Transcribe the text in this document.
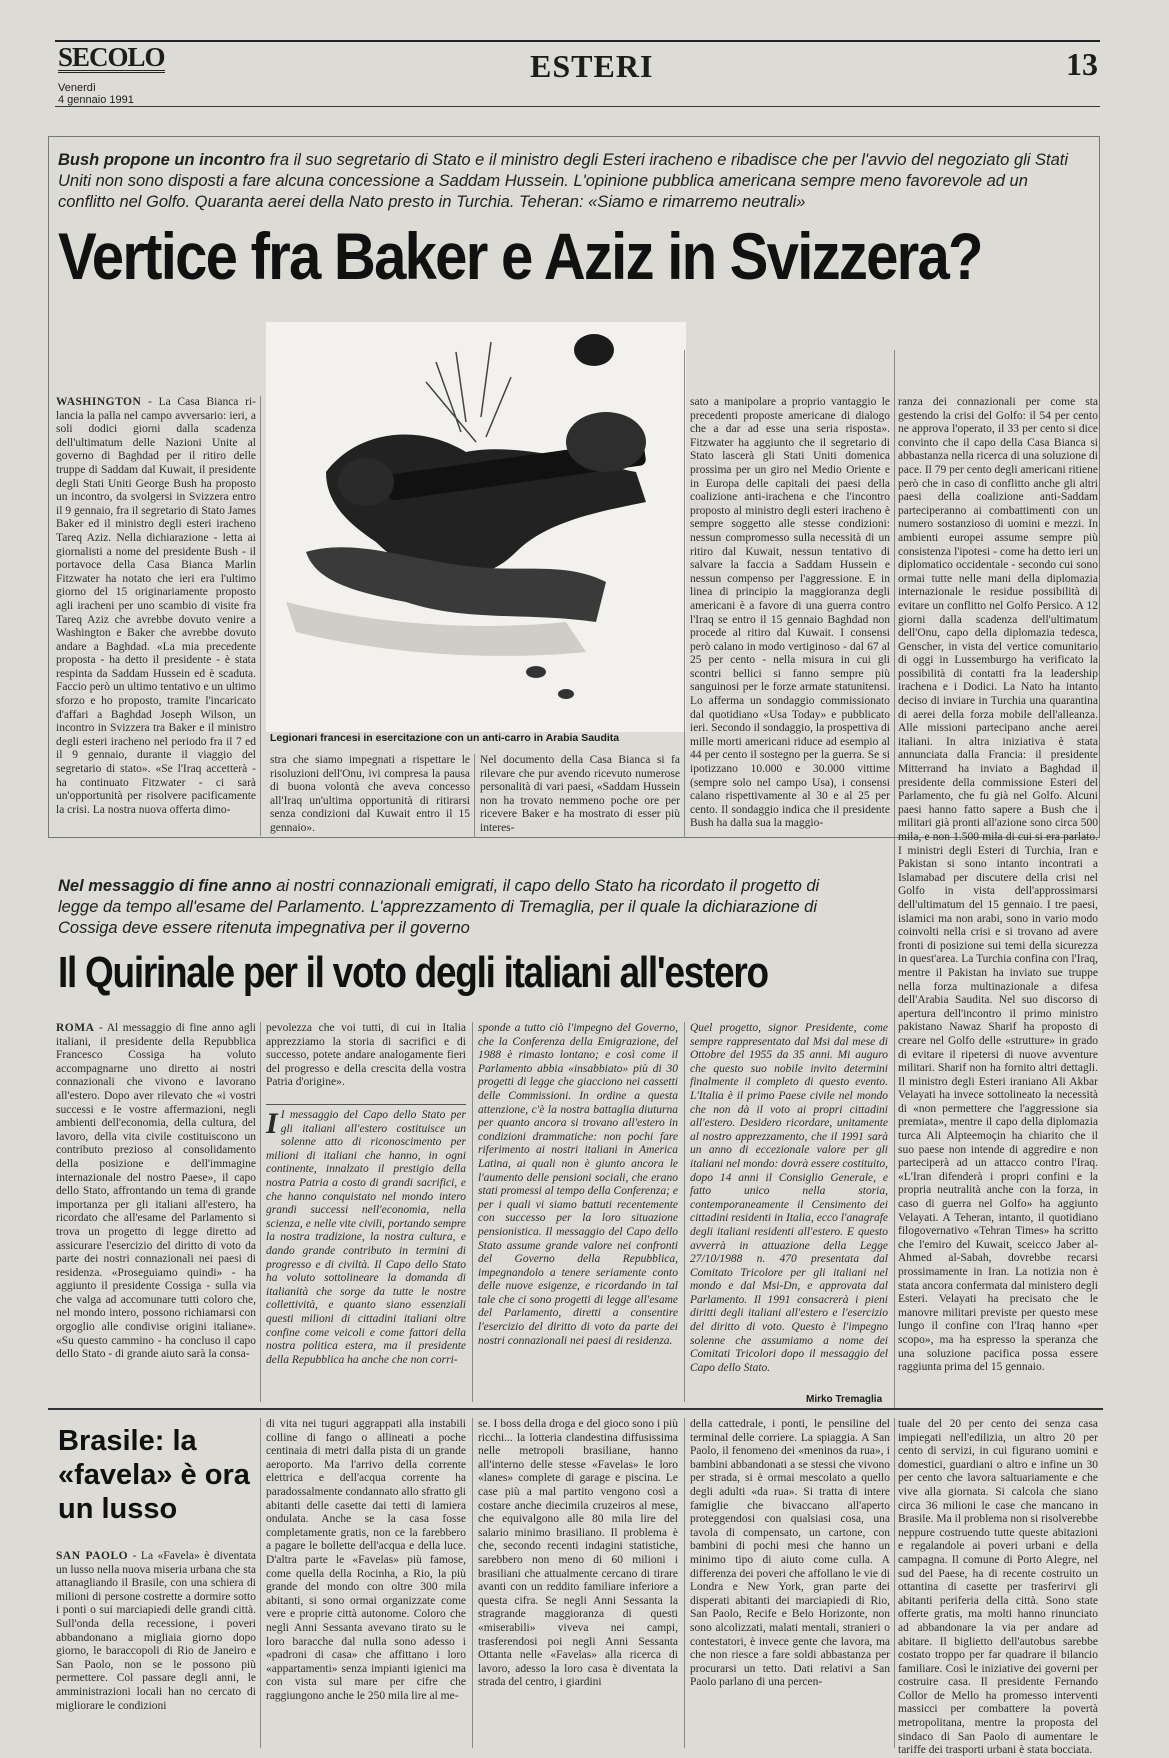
SECOLO
Venerdì
4 gennaio 1991
ESTERI	13
Bush propone un incontro fra il suo segretario di Stato e il ministro degli Esteri iracheno e ribadisce che per l'avvio del negoziato gli Stati Uniti non sono disposti a fare alcuna concessione a Saddam Hussein. L'opinione pubblica americana sempre meno favorevole ad un conflitto nel Golfo. Quaranta aerei della Nato presto in Turchia. Teheran: «Siamo e rimarremo neutrali»
Vertice fra Baker e Aziz in Svizzera?
WASHINGTON - La Casa Bianca ri-lancia la palla nel campo avversario: ieri, a soli dodici giorni dalla scadenza dell'ultimatum delle Nazioni Unite al governo di Baghdad per il ritiro delle truppe di Saddam dal Kuwait, il presidente degli Stati Uniti George Bush ha proposto un incontro, da svolgersi in Svizzera entro il 9 gennaio, fra il segretario di Stato James Baker ed il ministro degli esteri iracheno Tareq Aziz. Nella dichiarazione - letta ai giornalisti a nome del presidente Bush - il portavoce della Casa Bianca Marlin Fitzwater ha notato che ieri era l'ultimo giorno del 15 originariamente proposto agli iracheni per uno scambio di visite fra Tareq Aziz che avrebbe dovuto venire a Washington e Baker che avrebbe dovuto andare a Baghdad. «La mia precedente proposta - ha detto il presidente - è stata respinta da Saddam Hussein ed è scaduta. Faccio però un ultimo tentativo e un ultimo sforzo e ho proposto, tramite l'incaricato d'affari a Baghdad Joseph Wilson, un incontro in Svizzera tra Baker e il ministro degli esteri iracheno nel periodo fra il 7 ed il 9 gennaio, durante il viaggio del segretario di stato». «Se l'Iraq accetterà - ha continuato Fitzwater - ci sarà un'opportunità per risolvere pacificamente la crisi. La nostra nuova offerta dimo-
Legionari francesi in esercitazione con un anti-carro in Arabia Saudita
stra che siamo impegnati a rispettare le risoluzioni dell'Onu, ivi compresa la pausa di buona volontà che aveva concesso all'Iraq un'ultima opportunità di ritirarsi senza condizioni dal Kuwait entro il 15 gennaio».
Nel documento della Casa Bianca si fa rilevare che pur avendo ricevuto numerose personalità di vari paesi, «Saddam Hussein non ha trovato nemmeno poche ore per ricevere Baker e ha mostrato di esser più interes-
sato a manipolare a proprio vantaggio le precedenti proposte americane di dialogo che a dar ad esse una seria risposta». Fitzwater ha aggiunto che il segretario di Stato lascerà gli Stati Uniti domenica prossima per un giro nel Medio Oriente e in Europa delle capitali dei paesi della coalizione anti-irachena e che l'incontro proposto al ministro degli esteri iracheno è sempre soggetto alle stesse condizioni: nessun compromesso sulla necessità di un ritiro dal Kuwait, nessun tentativo di salvare la faccia a Saddam Hussein e nessun compenso per l'aggressione. E in linea di principio la maggioranza degli americani è a favore di una guerra contro l'Iraq se entro il 15 gennaio Baghdad non procede al ritiro dal Kuwait. I consensi però calano in modo vertiginoso - dal 67 al 25 per cento - nella misura in cui gli scontri bellici si fanno sempre più sanguinosi per le forze armate statunitensi. Lo afferma un sondaggio commissionato dal quotidiano «Usa Today» e pubblicato ieri. Secondo il sondaggio, la prospettiva di mille morti americani riduce ad esempio al 44 per cento il sostegno per la guerra. Se si ipotizzano 10.000 e 30.000 vittime (sempre solo nel campo Usa), i consensi calano rispettivamente al 30 e al 25 per cento. Il sondaggio indica che il presidente Bush ha dalla sua la maggio-
ranza dei connazionali per come sta gestendo la crisi del Golfo: il 54 per cento ne approva l'operato, il 33 per cento si dice convinto che il capo della Casa Bianca si abbastanza nella ricerca di una soluzione di pace. Il 79 per cento degli americani ritiene però che in caso di conflitto anche gli altri paesi della coalizione anti-Saddam parteciperanno ai combattimenti con un numero sostanzioso di uomini e mezzi. In ambienti europei assume sempre più consistenza l'ipotesi - come ha detto ieri un diplomatico occidentale - secondo cui sono ormai tutte nelle mani della diplomazia internazionale le residue possibilità di evitare un conflitto nel Golfo Persico. A 12 giorni dalla scadenza dell'ultimatum dell'Onu, capo della diplomazia tedesca, Genscher, in vista del vertice comunitario di oggi in Lussemburgo ha verificato la possibilità di contatti fra la leadership irachena e i Dodici. La Nato ha intanto deciso di inviare in Turchia una quarantina di aerei della forza mobile dell'alleanza. Alle missioni partecipano anche aerei italiani. In altra iniziativa è stata annunciata dalla Francia: il presidente Mitterrand ha inviato a Baghdad il presidente della commissione Esteri del Parlamento, che fu già nel Golfo. Alcuni paesi hanno fatto sapere a Bush che i militari già pronti all'azione sono circa 500 mila, e non 1.500 mila di cui si era parlato. I ministri degli Esteri di Turchia, Iran e Pakistan si sono intanto incontrati a Islamabad per discutere della crisi nel Golfo in vista dell'approssimarsi dell'ultimatum del 15 gennaio. I tre paesi, islamici ma non arabi, sono in vario modo coinvolti nella crisi e si trovano ad avere fronti di posizione sui temi della sicurezza in quest'area. La Turchia confina con l'Iraq, mentre il Pakistan ha inviato sue truppe nella forza multinazionale a difesa dell'Arabia Saudita. Nel suo discorso di apertura dell'incontro il primo ministro pakistano Nawaz Sharif ha proposto di creare nel Golfo delle «strutture» in grado di evitare il ripetersi di nuove avventure militari. Sharif non ha fornito altri dettagli. Il ministro degli Esteri iraniano Ali Akbar Velayati ha invece sottolineato la necessità di «non permettere che l'aggressione sia premiata», mentre il capo della diplomazia turca Ali Alpteemoçin ha chiarito che il suo paese non intende di aggredire e non parteciperà ad un attacco contro l'Iraq. «L'Iran difenderà i propri confini e la propria neutralità anche con la forza, in caso di guerra nel Golfo» ha aggiunto Velayati. A Teheran, intanto, il quotidiano filogovernativo «Tehran Times» ha scritto che l'emiro del Kuwait, sceicco Jaber al-Ahmed al-Sabah, dovrebbe recarsi prossimamente in Iran. La notizia non è stata ancora confermata dal ministero degli Esteri. Velayati ha precisato che le manovre militari previste per questo mese lungo il confine con l'Iraq hanno «per scopo», ma ha espresso la speranza che una soluzione pacifica possa essere raggiunta prima del 15 gennaio.
Nel messaggio di fine anno ai nostri connazionali emigrati, il capo dello Stato ha ricordato il progetto di legge da tempo all'esame del Parlamento. L'apprezzamento di Tremaglia, per il quale la dichiarazione di Cossiga deve essere ritenuta impegnativa per il governo
Il Quirinale per il voto degli italiani all'estero
ROMA - Al messaggio di fine anno agli italiani, il presidente della Repubblica Francesco Cossiga ha voluto accompagnarne uno diretto ai nostri connazionali che vivono e lavorano all'estero. Dopo aver rilevato che «i vostri successi e le vostre affermazioni, negli ambienti dell'economia, della cultura, del lavoro, della vita civile costituiscono un contributo prezioso al consolidamento della posizione e dell'immagine internazionale del nostro Paese», il capo dello Stato, affrontando un tema di grande importanza per gli italiani all'estero, ha ricordato che all'esame del Parlamento si trova un progetto di legge diretto ad assicurare l'esercizio del diritto di voto da parte dei nostri connazionali nei paesi di residenza. «Proseguiamo quindi» - ha aggiunto il presidente Cossiga - sulla via che valga ad accomunare tutti coloro che, nel mondo intero, possono richiamarsi con orgoglio alle condivise origini italiane». «Su questo cammino - ha concluso il capo dello Stato - di grande aiuto sarà la consa-
pevolezza che voi tutti, di cui in Italia apprezziamo la storia di sacrifici e di successo, potete andare analogamente fieri del progresso e della crescita della vostra Patria d'origine».
I I messaggio del Capo dello Stato per gli italiani all'estero costituisce un solenne atto di riconoscimento per milioni di italiani che hanno, in ogni continente, innalzato il prestigio della nostra Patria a costo di grandi sacrifici, e che hanno conquistato nel mondo intero grandi successi nell'economia, nella scienza, e nelle vite civili, portando sempre la nostra tradizione, la nostra cultura, e dando grande contributo in termini di progresso e di civiltà. Il Capo dello Stato ha voluto sottolineare la domanda di italianità che sorge da tutte le nostre collettività, e quanto siano essenziali questi milioni di cittadini italiani oltre confine come veicoli e come fattori della nostra politica estera, ma il presidente della Repubblica ha anche che non corri-
sponde a tutto ciò l'impegno del Governo, che la Conferenza della Emigrazione, del 1988 è rimasto lontano; e così come il Parlamento abbia «insabbiato» più di 30 progetti di legge che giacciono nei cassetti delle Commissioni. In ordine a questa attenzione, c'è la nostra battaglia diuturna per quanto ancora si trovano all'estero in condizioni drammatiche: non pochi fare riferimento ai nostri italiani in America Latina, ai quali non è giunto ancora le l'aumento delle pensioni sociali, che erano stati promessi al tempo della Conferenza; e per i quali vi siamo battuti recentemente con successo per la loro situazione pensionistica. Il messaggio del Capo dello Stato assume grande valore nei confronti del Governo della Repubblica, impegnandolo a tenere seriamente conto delle nuove esigenze, e ricordando in tal tale che ci sono progetti di legge all'esame del Parlamento, diretti a consentire l'esercizio del diritto di voto da parte dei nostri connazionali nei paesi di residenza.
Quel progetto, signor Presidente, come sempre rappresentato dal Msi dal mese di Ottobre del 1955 da 35 anni. Mi auguro che questo suo nobile invito determini finalmente il completo di questo evento. L'Italia è il primo Paese civile nel mondo che non dà il voto ai propri cittadini all'estero. Desidero ricordare, unitamente al nostro apprezzamento, che il 1991 sarà un anno di eccezionale valore per gli italiani nel mondo: dovrà essere costituito, dopo 14 anni il Consiglio Generale, e fatto unico nella storia, contemporaneamente il Censimento dei cittadini residenti in Italia, ecco l'anagrafe degli italiani residenti all'estero. E questo avverrà in attuazione della Legge 27/10/1988 n. 470 presentata dal Comitato Tricolore per gli italiani nel mondo e dal Msi-Dn, e approvata dal Parlamento. Il 1991 consacrerà i pieni diritti degli italiani all'estero e l'esercizio del diritto di voto. Questo è l'impegno solenne che assumiamo a nome dei Comitati Tricolori dopo il messaggio del Capo dello Stato.
Mirko Tremaglia
Brasile: la «favela» è ora un lusso
SAN PAOLO - La «Favela» è diventata un lusso nella nuova miseria urbana che sta attanagliando il Brasile, con una schiera di milioni di persone costrette a dormire sotto i ponti o sui marciapiedi delle grandi città. Sull'onda della recessione, i poveri abbandonano a migliaia giorno dopo giorno, le baraccopoli di Rio de Janeiro e San Paolo, non se le possono più permettere. Col passare degli anni, le amministrazioni locali han no cercato di migliorare le condizioni
di vita nei tuguri aggrappati alla instabili colline di fango o allineati a poche centinaia di metri dalla pista di un grande aeroporto. Ma l'arrivo della corrente elettrica e dell'acqua corrente ha paradossalmente condannato allo sfratto gli abitanti delle casette dai tetti di lamiera ondulata. Anche se la casa fosse completamente gratis, non ce la farebbero a pagare le bollette dell'acqua e della luce. D'altra parte le «Favelas» più famose, come quella della Rocinha, a Rio, la più grande del mondo con oltre 300 mila abitanti, si sono ormai organizzate come vere e proprie città autonome. Coloro che negli Anni Sessanta avevano tirato su le loro baracche dal nulla sono adesso i «padroni di casa» che affittano i loro «appartamenti» senza impianti igienici ma con vista sul mare per cifre che raggiungono anche le 250 mila lire al me-
se. I boss della droga e del gioco sono i più ricchi... la lotteria clandestina diffusissima nelle metropoli brasiliane, hanno all'interno delle stesse «Favelas» le loro «lanes» complete di garage e piscina. Le case più a mal partito vengono così a costare anche diecimila cruzeiros al mese, che equivalgono alle 80 mila lire del salario minimo brasiliano. Il problema è che, secondo recenti indagini statistiche, sarebbero non meno di 60 milioni i brasiliani che attualmente cercano di tirare avanti con un reddito familiare inferiore a questa cifra. Se negli Anni Sessanta la stragrande maggioranza di questi «miserabili» viveva nei campi, trasferendosi poi negli Anni Sessanta Ottanta nelle «Favelas» alla ricerca di lavoro, adesso la loro casa è diventata la strada del centro, i giardini
della cattedrale, i ponti, le pensiline del terminal delle corriere. La spiaggia. A San Paolo, il fenomeno dei «meninos da rua», i bambini abbandonati a se stessi che vivono per strada, si è ormai mescolato a quello degli adulti «da rua». Si tratta di intere famiglie che bivaccano all'aperto proteggendosi con qualsiasi cosa, una tavola di compensato, un cartone, con bambini di pochi mesi che hanno un minimo tipo di aiuto come culla. A differenza dei poveri che affollano le vie di Londra e New York, gran parte dei disperati abitanti dei marciapiedi di Rio, San Paolo, Recife e Belo Horizonte, non sono alcolizzati, malati mentali, stranieri o contestatori, è invece gente che lavora, ma che non riesce a fare soldi abbastanza per procurarsi un tetto. Dati relativi a San Paolo parlano di una percen-
tuale del 20 per cento dei senza casa impiegati nell'edilizia, un altro 20 per cento di servizi, in cui figurano uomini e domestici, guardiani o altro e infine un 30 per cento che lavora saltuariamente e che vive alla giornata. Si calcola che siano circa 36 milioni le case che mancano in Brasile. Ma il problema non si risolverebbe neppure costruendo tutte queste abitazioni e regalandole ai poveri urbani e della campagna. Il comune di Porto Alegre, nel sud del Paese, ha di recente costruito un ottantina di casette per trasferirvi gli abitanti periferia della città. Sono state offerte gratis, ma molti hanno rinunciato ad abbandonare la via per andare ad abitare. Il biglietto dell'autobus sarebbe costato troppo per far quadrare il bilancio familiare. Così le iniziative dei governi per costruire casa. Il presidente Fernando Collor de Mello ha promesso interventi massicci per combattere la povertà metropolitana, mentre la proposta del sindaco di San Paolo di aumentare le tariffe dei trasporti urbani è stata bocciata.
